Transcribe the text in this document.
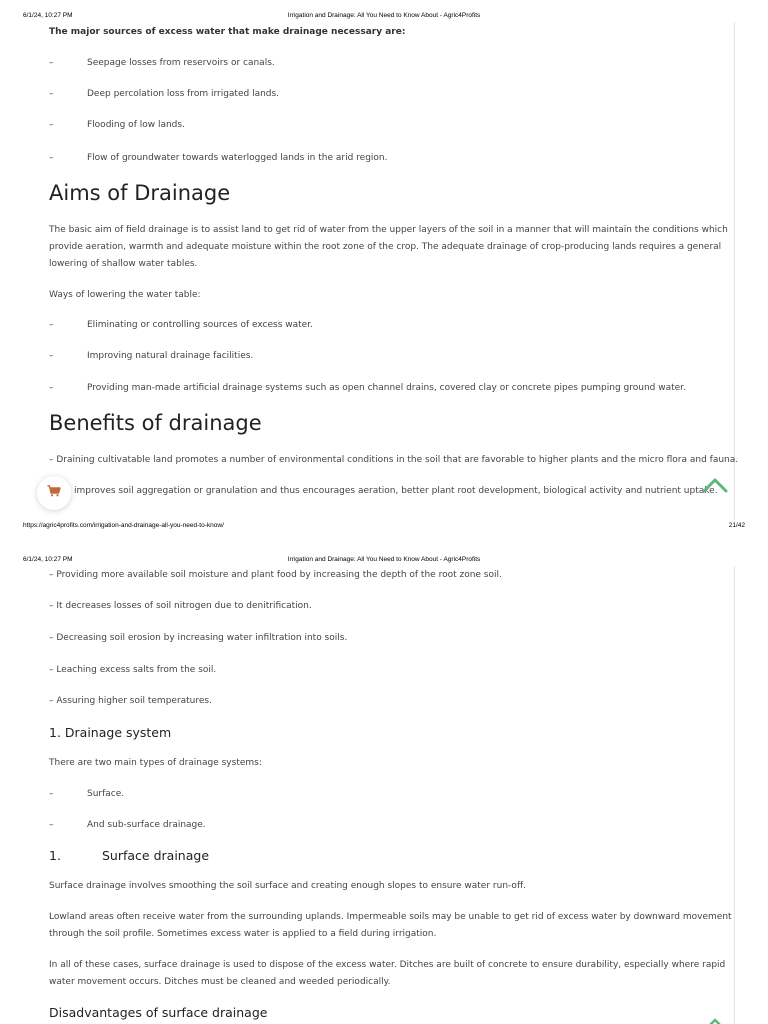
6/1/24, 10:27 PM	Irrigation and Drainage: All You Need to Know About - Agric4Profits
The major sources of excess water that make drainage necessary are:
–	Seepage losses from reservoirs or canals.
–	Deep percolation loss from irrigated lands.
–	Flooding of low lands.
–	Flow of groundwater towards waterlogged lands in the arid region.
Aims of Drainage
The basic aim of field drainage is to assist land to get rid of water from the upper layers of the soil in a manner that will maintain the conditions which
provide aeration, warmth and adequate moisture within the root zone of the crop. The adequate drainage of crop-producing lands requires a general
lowering of shallow water tables.
Ways of lowering the water table:
–	Eliminating or controlling sources of excess water.
–	Improving natural drainage facilities.
–	Providing man-made artificial drainage systems such as open channel drains, covered clay or concrete pipes pumping ground water.
Benefits of drainage
– Draining cultivatable land promotes a number of environmental conditions in the soil that are favorable to higher plants and the micro flora and fauna.
improves soil aggregation or granulation and thus encourages aeration, better plant root development, biological activity and nutrient uptake.
https://agric4profits.com/irrigation-and-drainage-all-you-need-to-know/	21/42
6/1/24, 10:27 PM	Irrigation and Drainage: All You Need to Know About - Agric4Profits
– Providing more available soil moisture and plant food by increasing the depth of the root zone soil.
– It decreases losses of soil nitrogen due to denitrification.
– Decreasing soil erosion by increasing water infiltration into soils.
– Leaching excess salts from the soil.
– Assuring higher soil temperatures.
1. Drainage system
There are two main types of drainage systems:
–	Surface.
–	And sub-surface drainage.
1.	Surface drainage
Surface drainage involves smoothing the soil surface and creating enough slopes to ensure water run-off.
Lowland areas often receive water from the surrounding uplands. Impermeable soils may be unable to get rid of excess water by downward movement
through the soil profile. Sometimes excess water is applied to a field during irrigation.
In all of these cases, surface drainage is used to dispose of the excess water. Ditches are built of concrete to ensure durability, especially where rapid
water movement occurs. Ditches must be cleaned and weeded periodically.
Disadvantages of surface drainage
